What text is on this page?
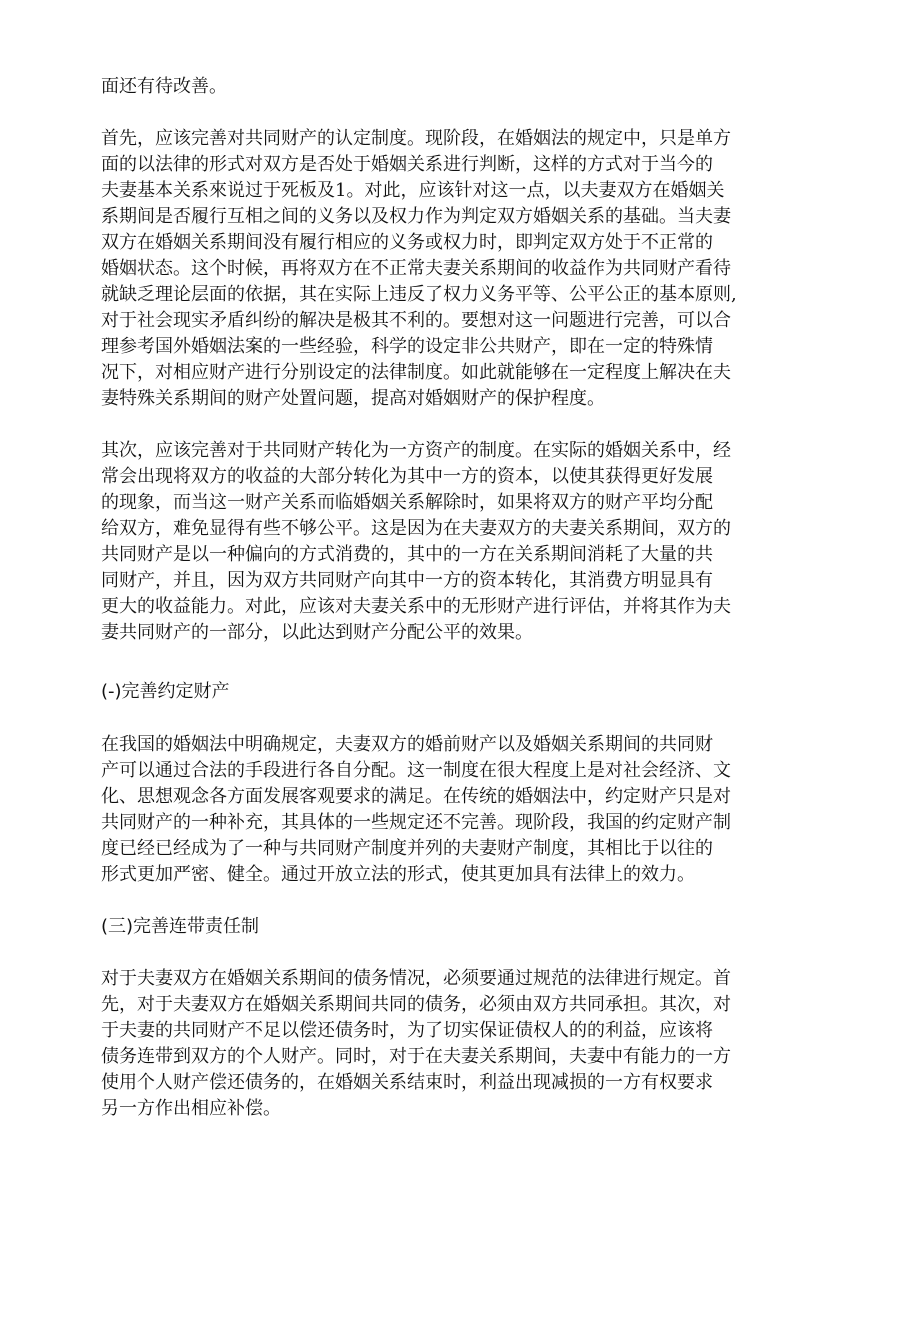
面还有待改善。
首先，应该完善对共同财产的认定制度。现阶段，在婚姻法的规定中，只是单方
面的以法律的形式对双方是否处于婚姻关系进行判断，这样的方式对于当今的
夫妻基本关系來说过于死板及1。对此，应该针对这一点，以夫妻双方在婚姻关
系期间是否履行互相之间的义务以及权力作为判定双方婚姻关系的基础。当夫妻
双方在婚姻关系期间没有履行相应的义务或权力时，即判定双方处于不正常的
婚姻状态。这个时候，再将双方在不正常夫妻关系期间的收益作为共同财产看待
就缺乏理论层面的依据，其在实际上违反了权力义务平等、公平公正的基本原则,
对于社会现实矛盾纠纷的解决是极其不利的。要想对这一问题进行完善，可以合
理参考国外婚姻法案的一些经验，科学的设定非公共财产，即在一定的特殊情
况下，对相应财产进行分别设定的法律制度。如此就能够在一定程度上解决在夫
妻特殊关系期间的财产处置问题，提高对婚姻财产的保护程度。
其次，应该完善对于共同财产转化为一方资产的制度。在实际的婚姻关系中，经
常会出现将双方的收益的大部分转化为其中一方的资本，以使其获得更好发展
的现象，而当这一财产关系而临婚姻关系解除时，如果将双方的财产平均分配
给双方，难免显得有些不够公平。这是因为在夫妻双方的夫妻关系期间，双方的
共同财产是以一种偏向的方式消费的，其中的一方在关系期间消耗了大量的共
同财产，并且，因为双方共同财产向其中一方的资本转化，其消费方明显具有
更大的收益能力。对此，应该对夫妻关系中的无形财产进行评估，并将其作为夫
妻共同财产的一部分，以此达到财产分配公平的效果。
(-)完善约定财产
在我国的婚姻法中明确规定，夫妻双方的婚前财产以及婚姻关系期间的共同财
产可以通过合法的手段进行各自分配。这一制度在很大程度上是对社会经济、文
化、思想观念各方面发展客观要求的满足。在传统的婚姻法中，约定财产只是对
共同财产的一种补充，其具体的一些规定还不完善。现阶段，我国的约定财产制
度已经已经成为了一种与共同财产制度并列的夫妻财产制度，其相比于以往的
形式更加严密、健全。通过开放立法的形式，使其更加具有法律上的效力。
(三)完善连带责任制
对于夫妻双方在婚姻关系期间的债务情况，必须要通过规范的法律进行规定。首
先，对于夫妻双方在婚姻关系期间共同的债务，必须由双方共同承担。其次，对
于夫妻的共同财产不足以偿还债务时，为了切实保证债权人的的利益，应该将
债务连带到双方的个人财产。同时，对于在夫妻关系期间，夫妻中有能力的一方
使用个人财产偿还债务的，在婚姻关系结束时，利益出现减损的一方有权要求
另一方作出相应补偿。
